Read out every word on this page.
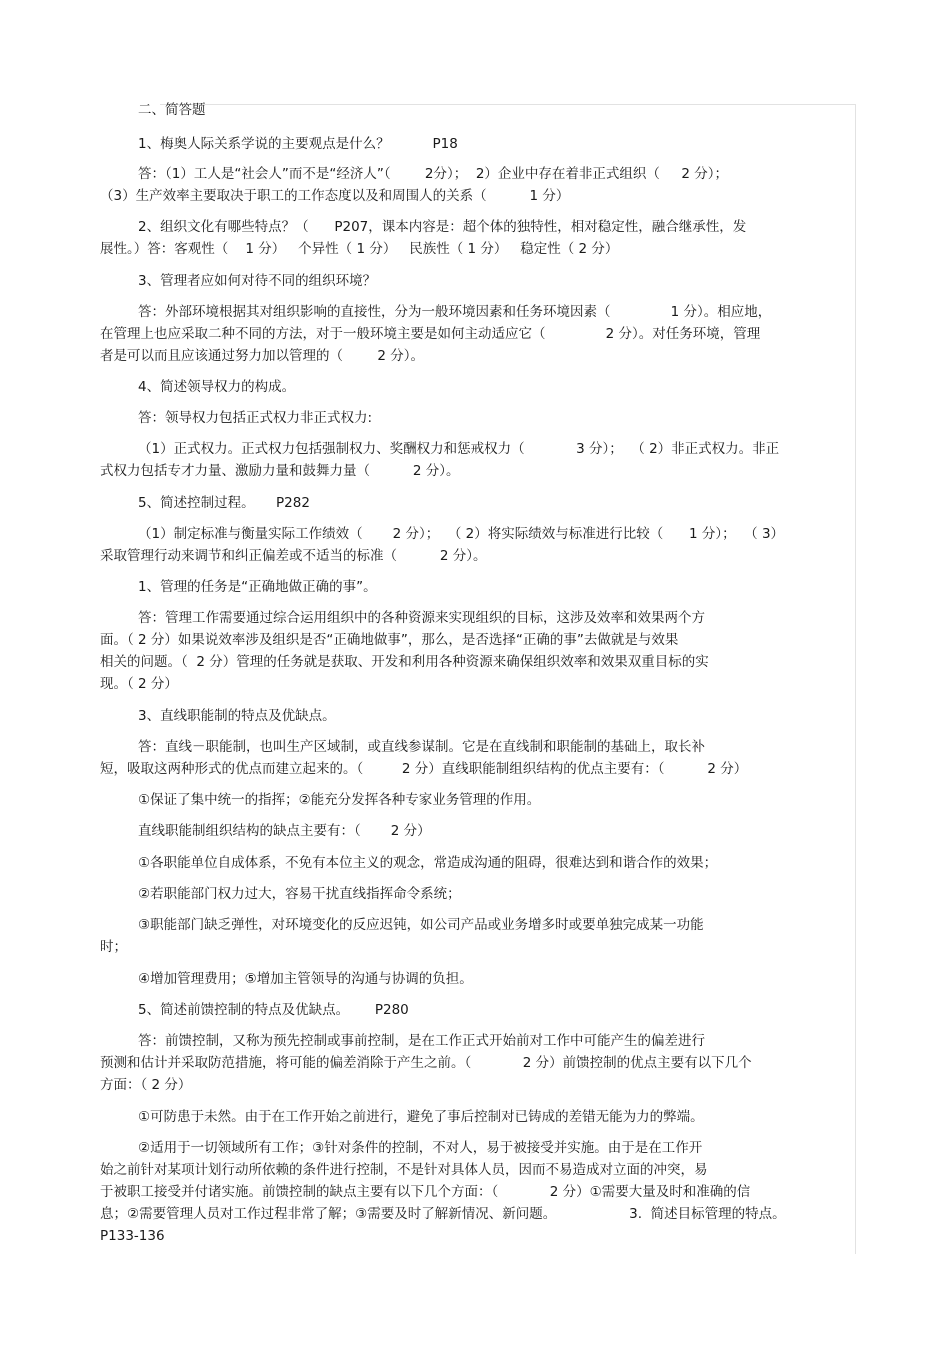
二、简答题
1、梅奥人际关系学说的主要观点是什么？          P18
答：（1）工人是“社会人”而不是“经济人”（        2分）；  2）企业中存在着非正式组织（     2 分）；
（3）生产效率主要取决于职工的工作态度以及和周围人的关系（          1 分）
2、组织文化有哪些特点？（      P207，课本内容是：超个体的独特性，相对稳定性，融合继承性，发
展性。）答：客观性（    1 分）   个异性（ 1 分）   民族性（ 1 分）   稳定性（ 2 分）
3、管理者应如何对待不同的组织环境？
答：外部环境根据其对组织影响的直接性，分为一般环境因素和任务环境因素（              1 分）。相应地，
在管理上也应采取二种不同的方法，对于一般环境主要是如何主动适应它（              2 分）。对任务环境，管理
者是可以而且应该通过努力加以管理的（        2 分）。
4、简述领导权力的构成。
答：领导权力包括正式权力非正式权力:
（1）正式权力。正式权力包括强制权力、奖酬权力和惩戒权力（            3 分）；  （ 2）非正式权力。非正
式权力包括专才力量、激励力量和鼓舞力量（          2 分）。
5、简述控制过程。     P282
（1）制定标准与衡量实际工作绩效（       2 分）；  （ 2）将实际绩效与标准进行比较（      1 分）；  （ 3）
采取管理行动来调节和纠正偏差或不适当的标准（          2 分）。
1、管理的任务是“正确地做正确的事”。
答：管理工作需要通过综合运用组织中的各种资源来实现组织的目标，这涉及效率和效果两个方
面。（ 2 分）如果说效率涉及组织是否“正确地做事”，那么，是否选择“正确的事”去做就是与效果
相关的问题。（  2 分）管理的任务就是获取、开发和利用各种资源来确保组织效率和效果双重目标的实
现。（ 2 分）
3、直线职能制的特点及优缺点。
答：直线－职能制，也叫生产区域制，或直线参谋制。它是在直线制和职能制的基础上，取长补
短，吸取这两种形式的优点而建立起来的。（         2 分）直线职能制组织结构的优点主要有：（          2 分）
①保证了集中统一的指挥；②能充分发挥各种专家业务管理的作用。
直线职能制组织结构的缺点主要有：（       2 分）
①各职能单位自成体系，不免有本位主义的观念，常造成沟通的阻碍，很难达到和谐合作的效果；
②若职能部门权力过大，容易干扰直线指挥命令系统；
③职能部门缺乏弹性，对环境变化的反应迟钝，如公司产品或业务增多时或要单独完成某一功能
时；
④增加管理费用；⑤增加主管领导的沟通与协调的负担。
5、简述前馈控制的特点及优缺点。      P280
答：前馈控制，又称为预先控制或事前控制，是在工作正式开始前对工作中可能产生的偏差进行
预测和估计并采取防范措施，将可能的偏差消除于产生之前。（            2 分）前馈控制的优点主要有以下几个
方面：（ 2 分）
①可防患于未然。由于在工作开始之前进行，避免了事后控制对已铸成的差错无能为力的弊端。
②适用于一切领域所有工作；③针对条件的控制，不对人，易于被接受并实施。由于是在工作开
始之前针对某项计划行动所依赖的条件进行控制，不是针对具体人员，因而不易造成对立面的冲突，易
于被职工接受并付诸实施。前馈控制的缺点主要有以下几个方面：（            2 分）①需要大量及时和准确的信
息；②需要管理人员对工作过程非常了解；③需要及时了解新情况、新问题。                 3.  简述目标管理的特点。
P133-136
